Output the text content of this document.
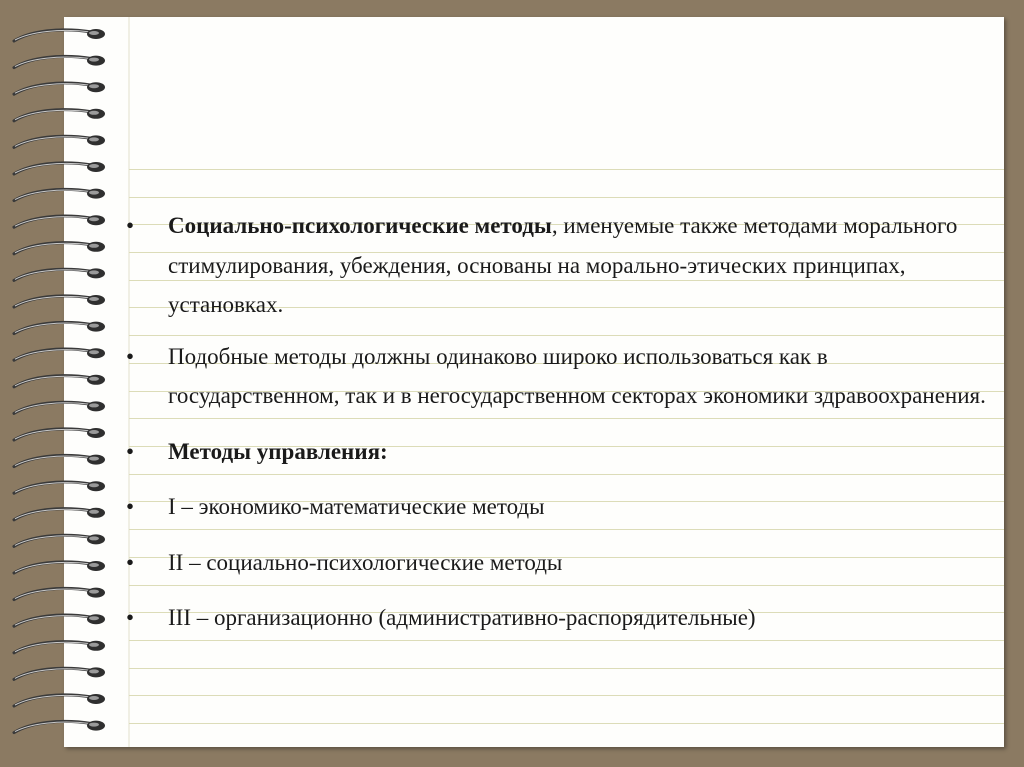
•	Социально-психологические методы, именуемые также методами морального стимулирования, убеждения, основаны на морально-этических принципах, установках.
•	Подобные методы должны одинаково широко использоваться как в государственном, так и в негосударственном секторах экономики здравоохранения.
•	Методы управления:
•	I – экономико-математические методы
•	II – социально-психологические методы
•	III – организационно (административно-распорядительные)
